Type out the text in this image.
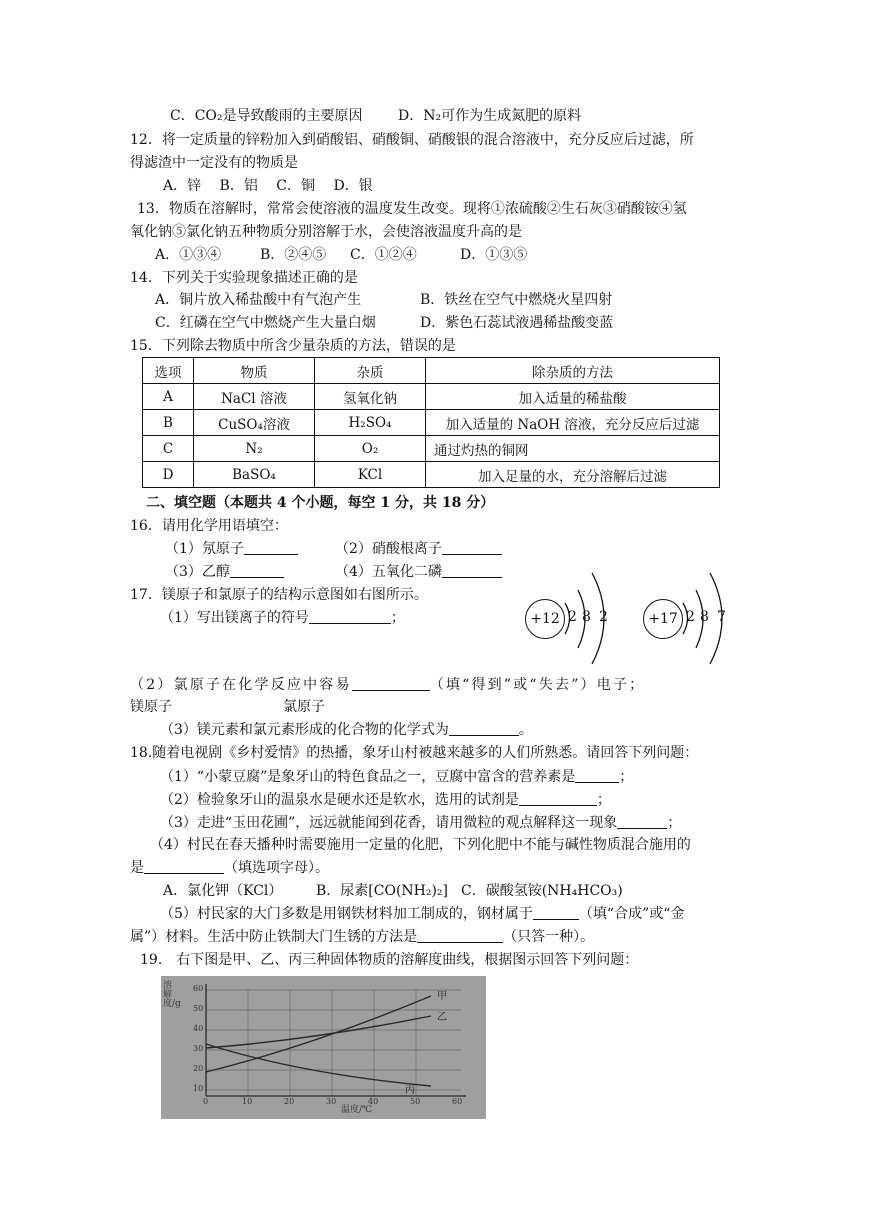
C．CO₂是导致酸雨的主要原因	D．N₂可作为生成氮肥的原料
12．将一定质量的锌粉加入到硝酸铝、硝酸铜、硝酸银的混合溶液中，充分反应后过滤，所
得滤渣中一定没有的物质是
A．锌　 B．铝　 C．铜　 D．银
13．物质在溶解时，常常会使溶液的温度发生改变。现将①浓硫酸②生石灰③硝酸铵④氢
氧化钠⑤氯化钠五种物质分别溶解于水，会使溶液温度升高的是
A．①③④	B．②④⑤ C．①②④	D．①③⑤
14．下列关于实验现象描述正确的是
A．铜片放入稀盐酸中有气泡产生	B．铁丝在空气中燃烧火星四射
C．红磷在空气中燃烧产生大量白烟	D．紫色石蕊试液遇稀盐酸变蓝
15．下列除去物质中所含少量杂质的方法，错误的是
选项	物质	杂质	除杂质的方法
A	NaCl 溶液	氢氧化钠	加入适量的稀盐酸
B	CuSO₄溶液	H₂SO₄	加入适量的 NaOH 溶液，充分反应后过滤
C	N₂	O₂	通过灼热的铜网
D	BaSO₄	KCl	加入足量的水，充分溶解后过滤
二、填空题（本题共 4 个小题，每空 1 分，共 18 分）
16．请用化学用语填空：
（1）氖原子	（2）硝酸根离子
（3）乙醇	（4）五氧化二磷
17．镁原子和氯原子的结构示意图如右图所示。
（1）写出镁离子的符号	；	+12 2 8 2	+17 2 8 7
（2）氯原子在化学反应中容易	（填“得到”或“失去”）电子；
镁原子	氯原子
（3）镁元素和氯元素形成的化合物的化学式为	。
18.随着电视剧《乡村爱情》的热播，象牙山村被越来越多的人们所熟悉。请回答下列问题：
（1）“小蒙豆腐”是象牙山的特色食品之一，豆腐中富含的营养素是	；
（2）检验象牙山的温泉水是硬水还是软水，选用的试剂是	；
（3）走进“玉田花圃”，远远就能闻到花香，请用微粒的观点解释这一现象	；
（4）村民在春天播种时需要施用一定量的化肥，下列化肥中不能与碱性物质混合施用的
是	（填选项字母）。
A．氯化钾（KCl） B．尿素[CO(NH₂)₂] C．碳酸氢铵(NH₄HCO₃)
（5）村民家的大门多数是用钢铁材料加工制成的，钢材属于	（填“合成”或“金
属”）材料。生活中防止铁制大门生锈的方法是	（只答一种）。
19.　右下图是甲、乙、丙三种固体物质的溶解度曲线，根据图示回答下列问题：
溶解度/g
温度/℃
10
20
30
40
50
60
0	10	20	30	40	50	60
甲
乙
丙
